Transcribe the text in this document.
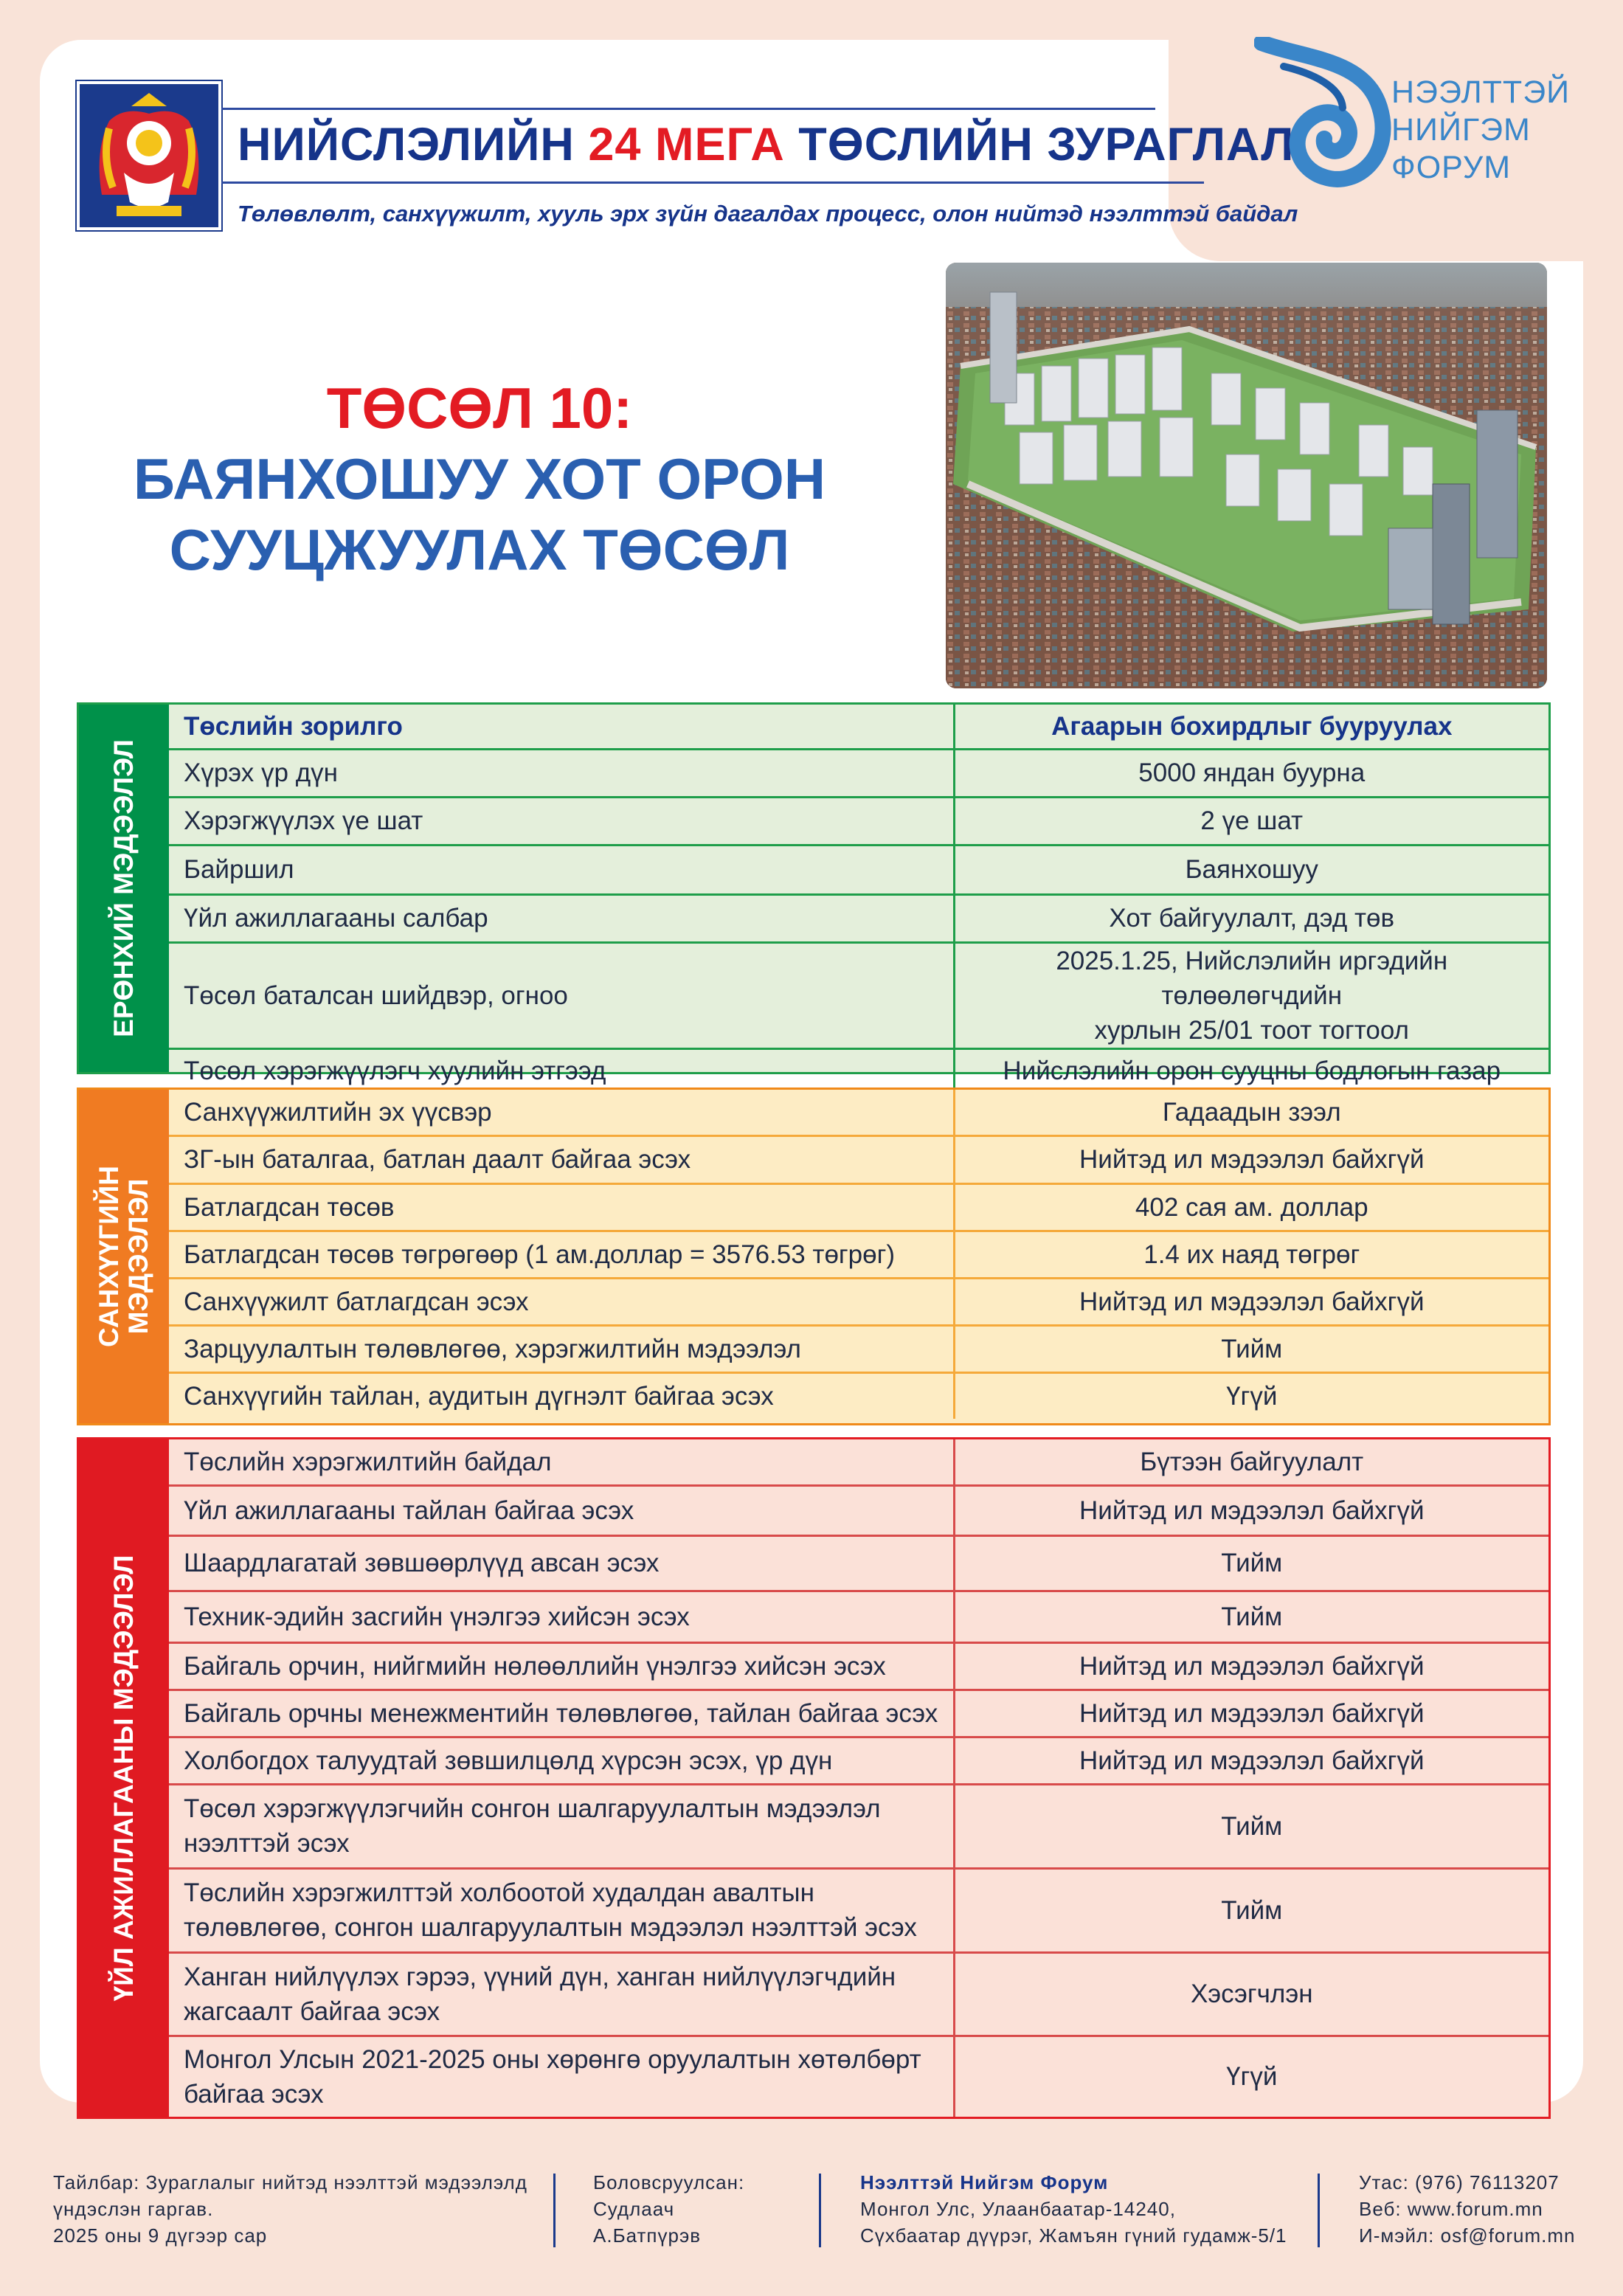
НИЙСЛЭЛИЙН 24 МЕГА ТӨСЛИЙН ЗУРАГЛАЛ
Төлөвлөлт, санхүүжилт, хууль эрх зүйн дагалдах процесс, олон нийтэд нээлттэй байдал
НЭЭЛТТЭЙ
НИЙГЭМ
ФОРУМ
ТӨСӨЛ 10:
БАЯНХОШУУ ХОТ ОРОН
СУУЦЖУУЛАХ ТӨСӨЛ
ЕРӨНХИЙ МЭДЭЭЛЭЛ
Төслийн зорилго	Агаарын бохирдлыг бууруулах
Хүрэх үр дүн	5000 яндан буурна
Хэрэгжүүлэх үе шат	2 үе шат
Байршил	Баянхошуу
Үйл ажиллагааны салбар	Хот байгуулалт, дэд төв
Төсөл баталсан шийдвэр, огноо	2025.1.25, Нийслэлийн иргэдийн төлөөлөгчдийн
хурлын 25/01 тоот тогтоол

Төсөл хэрэгжүүлэгч хуулийн этгээд	Нийслэлийн орон сууцны бодлогын газар
САНХҮҮГИЙН МЭДЭЭЛЭЛ
Санхүүжилтийн эх үүсвэр	Гадаадын зээл
ЗГ-ын баталгаа, батлан даалт байгаа эсэх	Нийтэд ил мэдээлэл байхгүй
Батлагдсан төсөв	402 сая ам. доллар
Батлагдсан төсөв төгрөгөөр (1 ам.доллар = 3576.53 төгрөг)	1.4 их наяд төгрөг
Санхүүжилт батлагдсан эсэх	Нийтэд ил мэдээлэл байхгүй
Зарцуулалтын төлөвлөгөө, хэрэгжилтийн мэдээлэл	Тийм
Санхүүгийн тайлан, аудитын дүгнэлт байгаа эсэх	Үгүй
ҮЙЛ АЖИЛЛАГААНЫ МЭДЭЭЛЭЛ
Төслийн хэрэгжилтийн байдал	Бүтээн байгуулалт
Үйл ажиллагааны тайлан байгаа эсэх	Нийтэд ил мэдээлэл байхгүй
Шаардлагатай зөвшөөрлүүд авсан эсэх	Тийм
Техник-эдийн засгийн үнэлгээ хийсэн эсэх	Тийм
Байгаль орчин, нийгмийн нөлөөллийн үнэлгээ хийсэн эсэх	Нийтэд ил мэдээлэл байхгүй
Байгаль орчны менежментийн төлөвлөгөө, тайлан байгаа эсэх	Нийтэд ил мэдээлэл байхгүй
Холбогдох талуудтай зөвшилцөлд хүрсэн эсэх, үр дүн	Нийтэд ил мэдээлэл байхгүй

Төсөл хэрэгжүүлэгчийн сонгон шалгаруулалтын мэдээлэл
нээлттэй эсэх	Тийм

Төслийн хэрэгжилттэй холбоотой худалдан авалтын
төлөвлөгөө, сонгон шалгаруулалтын мэдээлэл нээлттэй эсэх	Тийм

Ханган нийлүүлэх гэрээ, үүний дүн, ханган нийлүүлэгчдийн
жагсаалт байгаа эсэх	Хэсэгчлэн

Монгол Улсын 2021-2025 оны хөрөнгө оруулалтын хөтөлбөрт
байгаа эсэх	Үгүй
Тайлбар: Зураглалыг нийтэд нээлттэй мэдээлэлд
үндэслэн гаргав.
2025 оны 9 дүгээр сар
Боловсруулсан:
Судлаач
А.Батпүрэв
Нээлттэй Нийгэм Форум
Монгол Улс, Улаанбаатар-14240,
Сүхбаатар дүүрэг, Жамъян гүний гудамж-5/1
Утас: (976) 76113207
Веб: www.forum.mn
И-мэйл: osf@forum.mn
